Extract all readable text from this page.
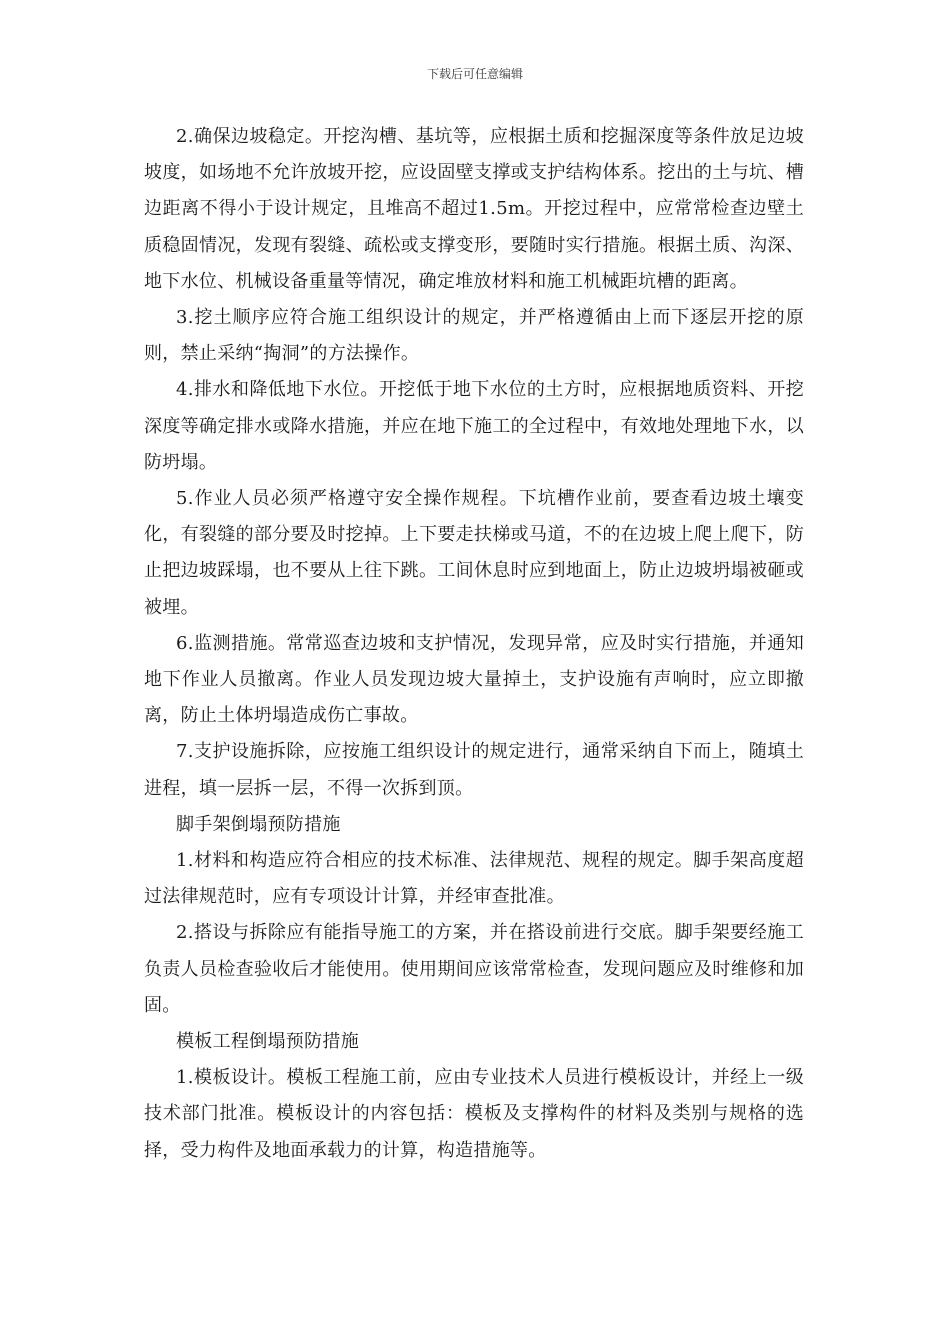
下载后可任意编辑

2.确保边坡稳定。开挖沟槽、基坑等，应根据土质和挖掘深度等条件放足边坡坡度，如场地不允许放坡开挖，应设固壁支撑或支护结构体系。挖出的土与坑、槽边距离不得小于设计规定，且堆高不超过1.5m。开挖过程中，应常常检查边壁土质稳固情况，发现有裂缝、疏松或支撑变形，要随时实行措施。根据土质、沟深、地下水位、机械设备重量等情况，确定堆放材料和施工机械距坑槽的距离。

3.挖土顺序应符合施工组织设计的规定，并严格遵循由上而下逐层开挖的原则，禁止采纳“掏洞”的方法操作。

4.排水和降低地下水位。开挖低于地下水位的土方时，应根据地质资料、开挖深度等确定排水或降水措施，并应在地下施工的全过程中，有效地处理地下水，以防坍塌。

5.作业人员必须严格遵守安全操作规程。下坑槽作业前，要查看边坡土壤变化，有裂缝的部分要及时挖掉。上下要走扶梯或马道，不的在边坡上爬上爬下，防止把边坡踩塌，也不要从上往下跳。工间休息时应到地面上，防止边坡坍塌被砸或被埋。

6.监测措施。常常巡查边坡和支护情况，发现异常，应及时实行措施，并通知地下作业人员撤离。作业人员发现边坡大量掉土，支护设施有声响时，应立即撤离，防止土体坍塌造成伤亡事故。

7.支护设施拆除，应按施工组织设计的规定进行，通常采纳自下而上，随填土进程，填一层拆一层，不得一次拆到顶。

脚手架倒塌预防措施

1.材料和构造应符合相应的技术标准、法律规范、规程的规定。脚手架高度超过法律规范时，应有专项设计计算，并经审查批准。

2.搭设与拆除应有能指导施工的方案，并在搭设前进行交底。脚手架要经施工负责人员检查验收后才能使用。使用期间应该常常检查，发现问题应及时维修和加固。

模板工程倒塌预防措施

1.模板设计。模板工程施工前，应由专业技术人员进行模板设计，并经上一级技术部门批准。模板设计的内容包括：模板及支撑构件的材料及类别与规格的选择，受力构件及地面承载力的计算，构造措施等。
